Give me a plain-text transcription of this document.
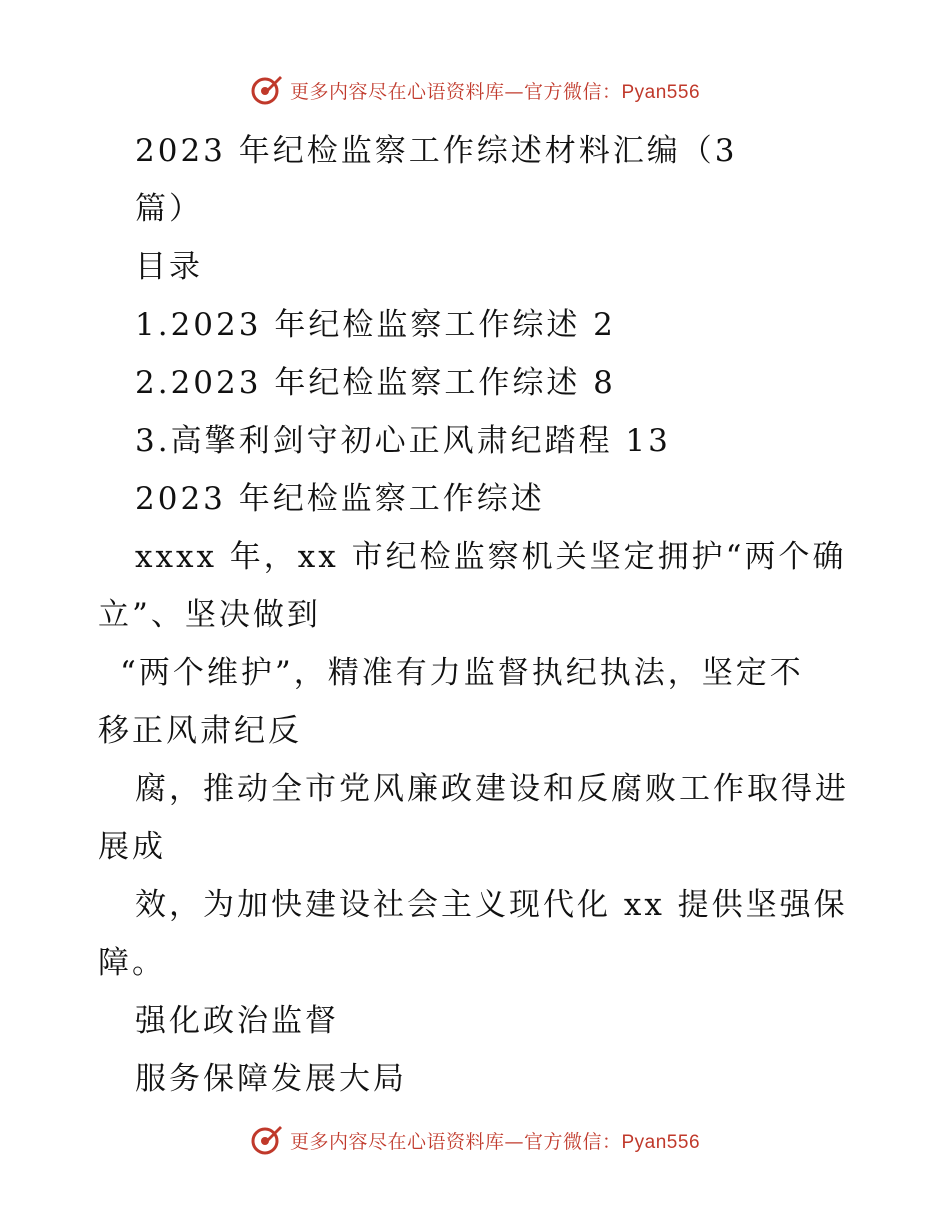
更多内容尽在心语资料库—官方微信：Pyan556

2023 年纪检监察工作综述材料汇编（3

篇）

目录

1.2023 年纪检监察工作综述 2

2.2023 年纪检监察工作综述 8

3.高擎利剑守初心正风肃纪踏程 13

2023 年纪检监察工作综述

xxxx 年，xx 市纪检监察机关坚定拥护“两个确

立”、坚决做到

“两个维护”，精准有力监督执纪执法，坚定不

移正风肃纪反

腐，推动全市党风廉政建设和反腐败工作取得进

展成

效，为加快建设社会主义现代化 xx 提供坚强保

障。

强化政治监督

服务保障发展大局

更多内容尽在心语资料库—官方微信：Pyan556
